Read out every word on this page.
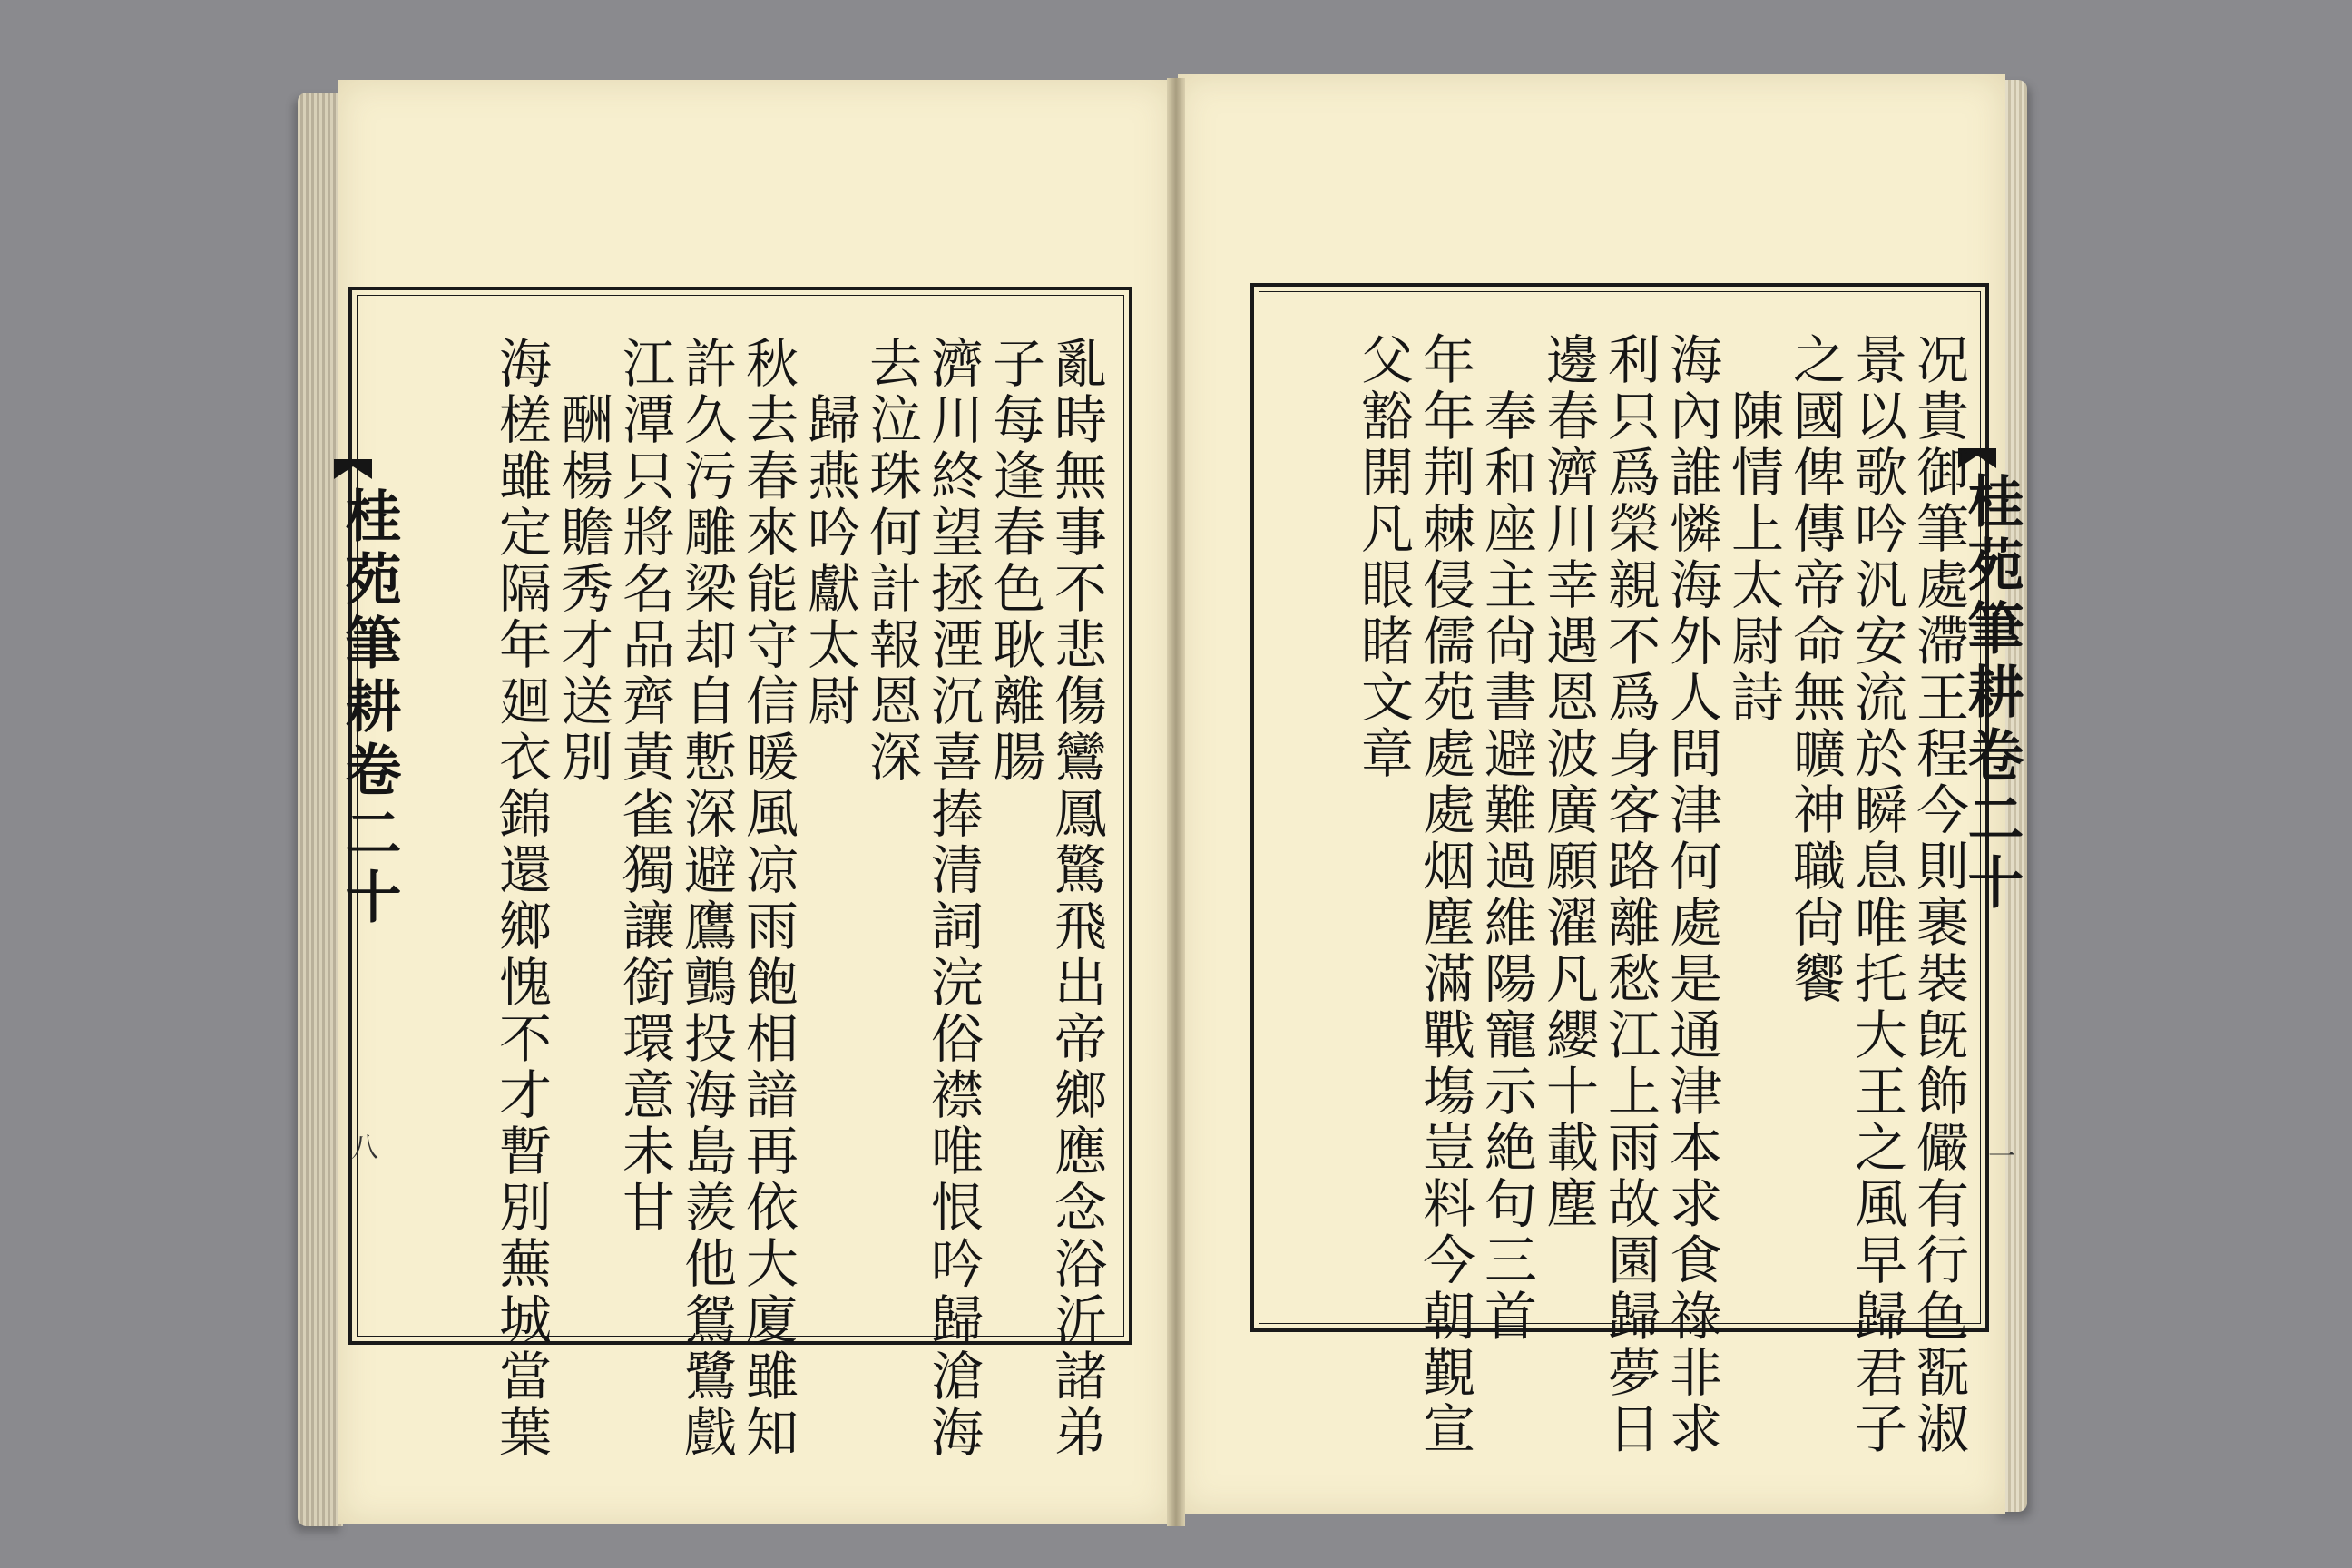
桂苑筆耕卷二十	桂苑筆耕卷二十
八	一
亂時無事不悲傷鸞鳳驚飛出帝鄉應念浴沂諸弟
子每逢春色耿離腸
濟川終望拯湮沉喜捧清詞浣俗襟唯恨吟歸滄海
去泣珠何計報恩深
歸燕吟獻太尉
秋去春來能守信暖風凉雨飽相諳再依大廈雖知
許久污雕梁却自慙深避鷹鸇投海島羨他鴛鷺戲
江潭只將名品齊黃雀獨讓銜環意未甘
酬楊贍秀才送別
海槎雖定隔年廻衣錦還鄉愧不才暫別蕪城當葉	况貴御筆處滯王程今則裹裝旣飾儼有行色翫淑
景以歌吟汎安流於瞬息唯托大王之風早歸君子
之國俾傳帝命無曠神職尙饗
陳情上太尉詩
海內誰憐海外人問津何處是通津本求食祿非求
利只爲榮親不爲身客路離愁江上雨故園歸夢日
邊春濟川幸遇恩波廣願濯凡纓十載塵
奉和座主尙書避難過維陽寵示絶句三首
年年荆棘侵儒苑處處烟塵滿戰塲豈料今朝覲宣
父豁開凡眼睹文章
